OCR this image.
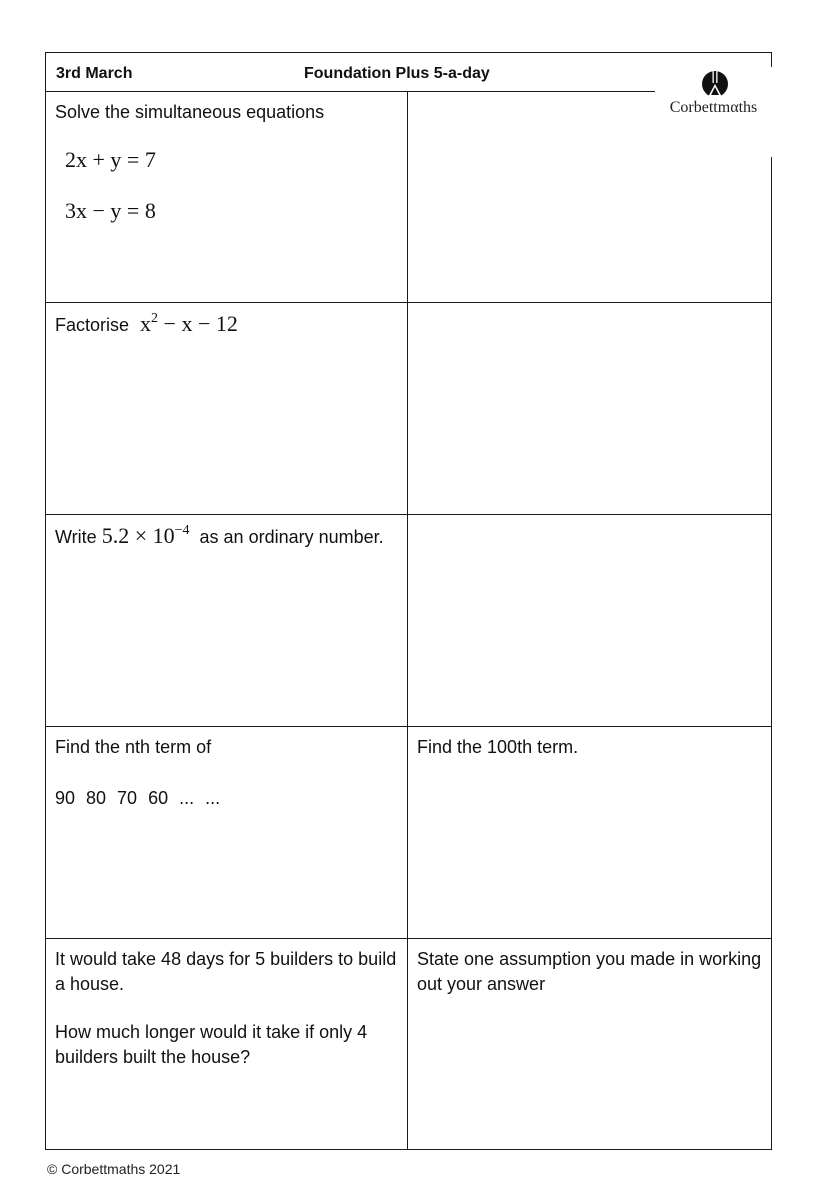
3rd March	Foundation Plus 5-a-day
Corbettmαths
Solve the simultaneous equations
2x + y = 7
3x − y = 8
Factorise $x^2 - x - 12$
Write $5.2 \times 10^{-4}$ as an ordinary number.
Find the nth term of
90 80 70 60 ... ...
Find the 100th term.
It would take 48 days for 5 builders to build a house.
How much longer would it take if only 4 builders built the house?
State one assumption you made in working out your answer
© Corbettmaths 2021
